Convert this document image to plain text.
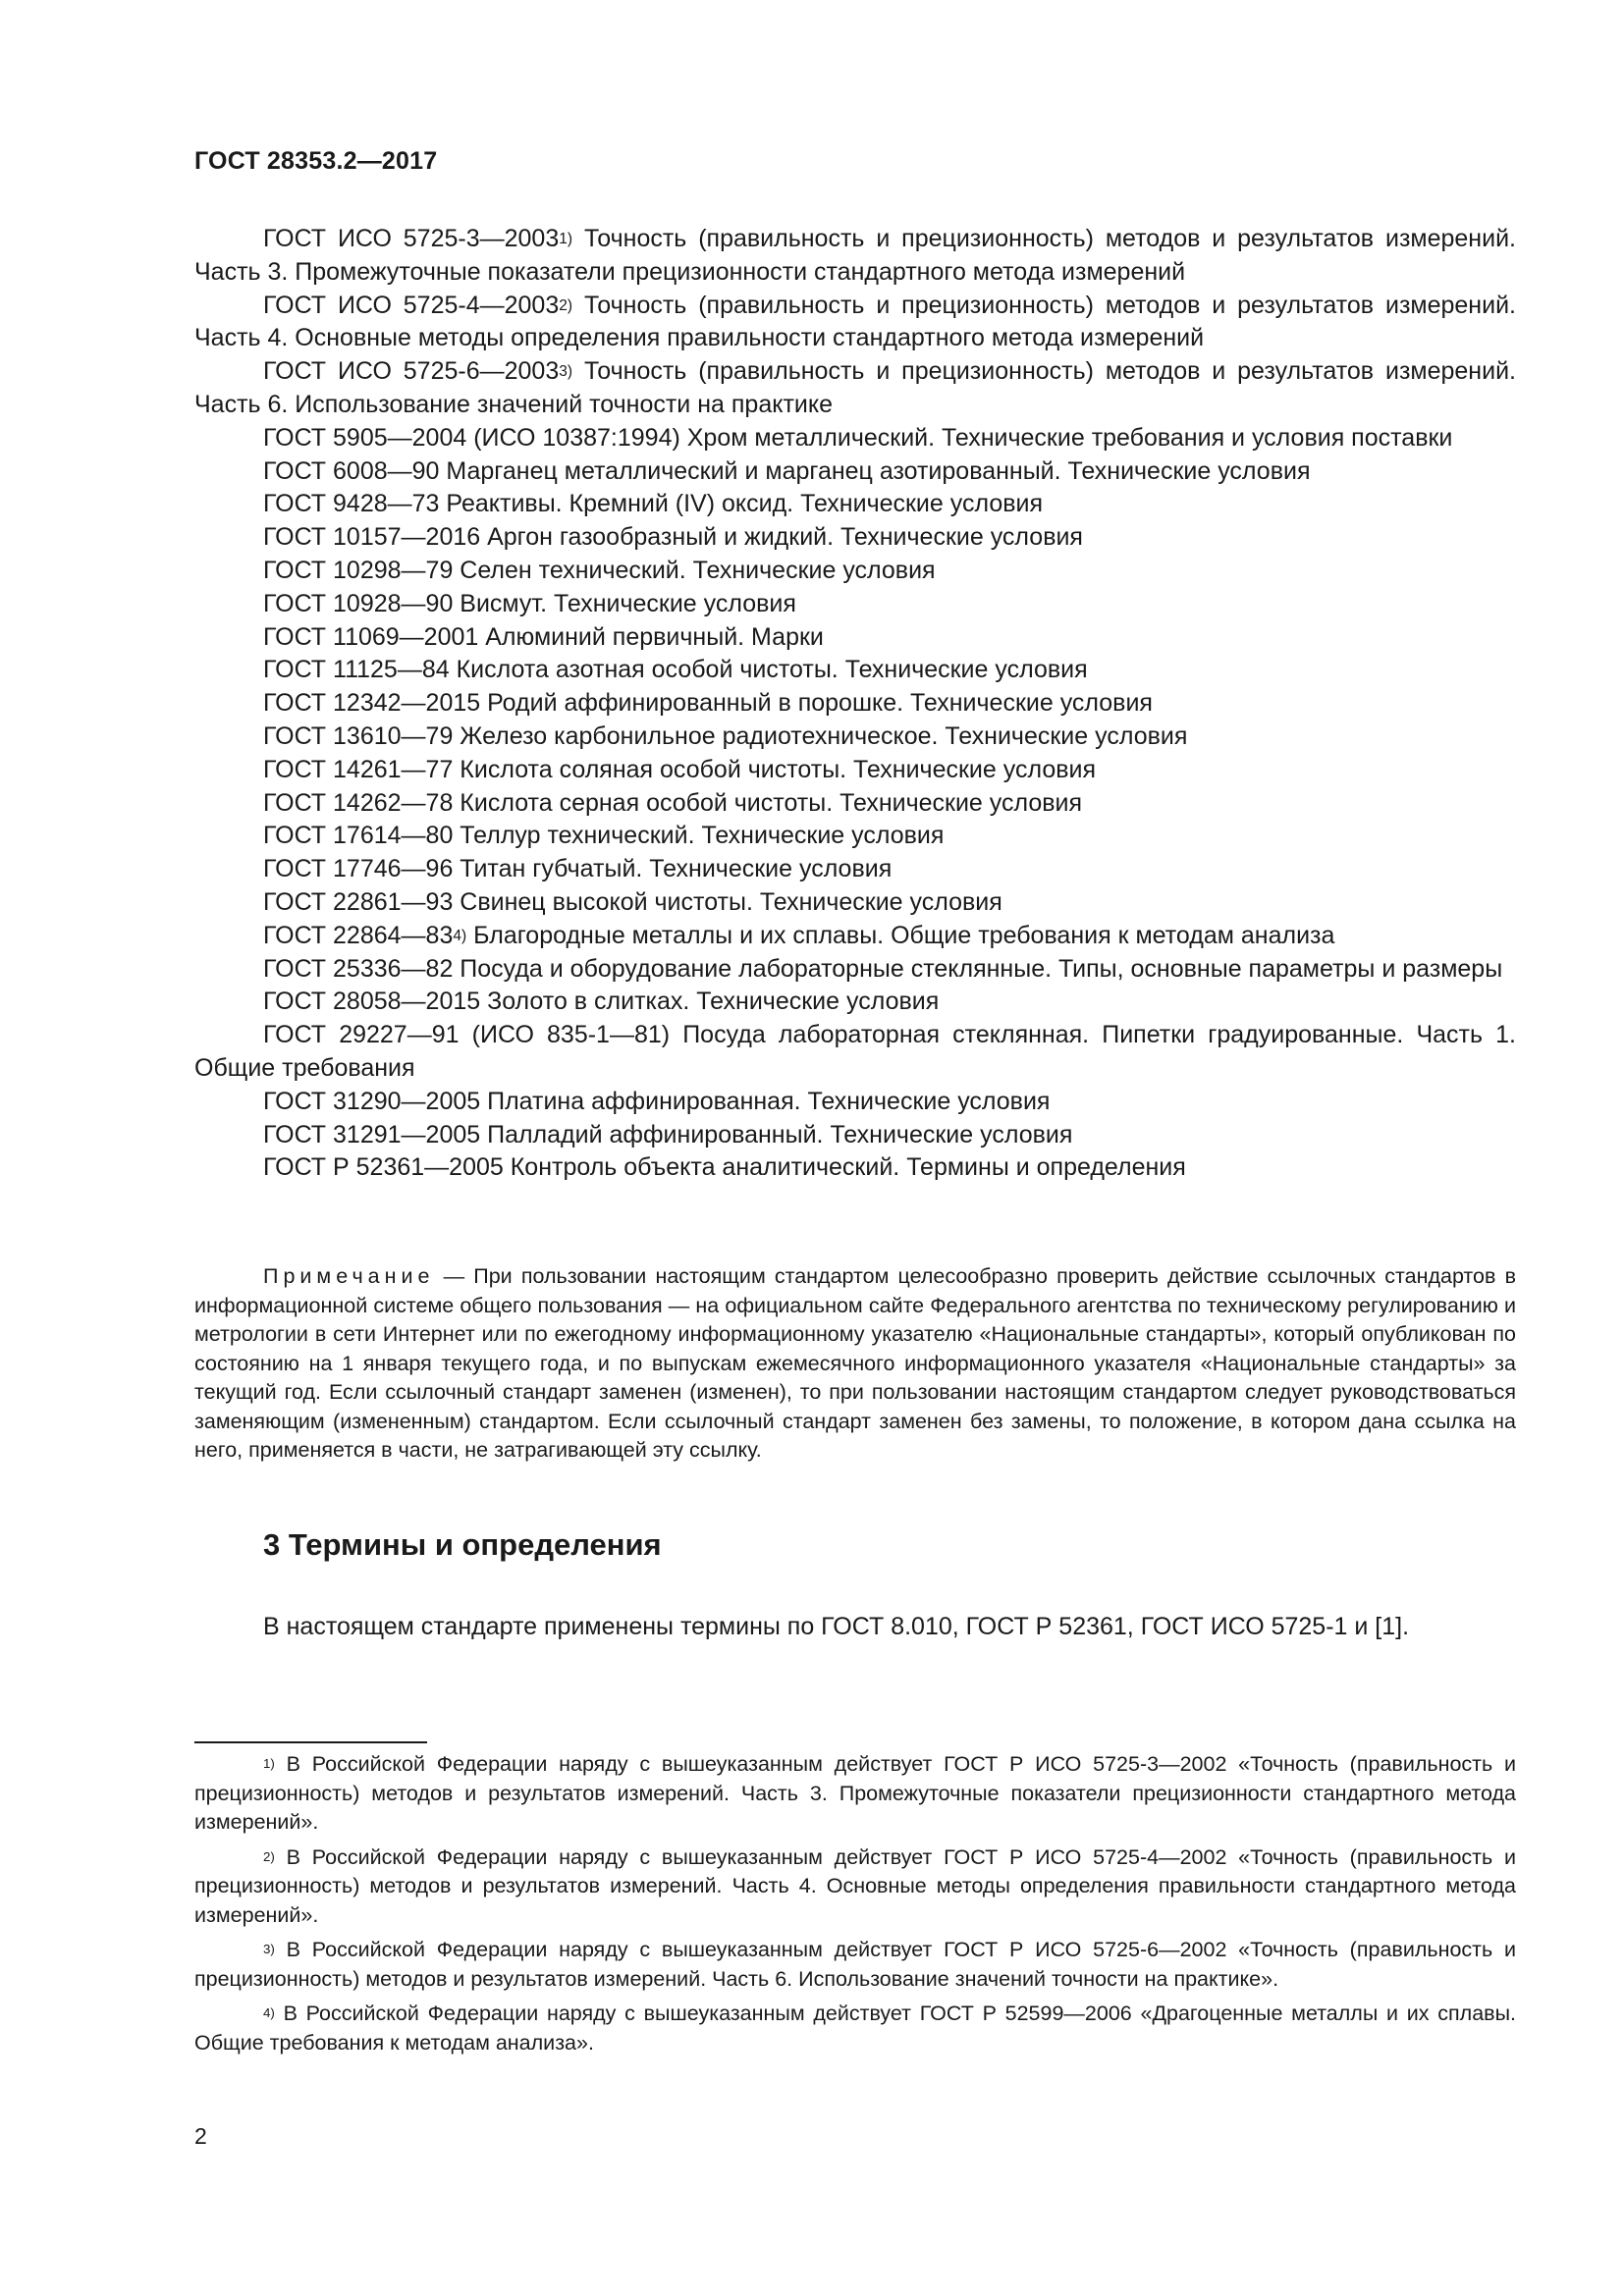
ГОСТ 28353.2—2017

ГОСТ ИСО 5725-3—2003$^{1)}$ Точность (правильность и прецизионность) методов и результатов измерений. Часть 3. Промежуточные показатели прецизионности стандартного метода измерений

ГОСТ ИСО 5725-4—2003$^{2)}$ Точность (правильность и прецизионность) методов и результатов измерений. Часть 4. Основные методы определения правильности стандартного метода измерений

ГОСТ ИСО 5725-6—2003$^{3)}$ Точность (правильность и прецизионность) методов и результатов измерений. Часть 6. Использование значений точности на практике

ГОСТ 5905—2004 (ИСО 10387:1994) Хром металлический. Технические требования и условия поставки

ГОСТ 6008—90 Марганец металлический и марганец азотированный. Технические условия

ГОСТ 9428—73 Реактивы. Кремний (IV) оксид. Технические условия

ГОСТ 10157—2016 Аргон газообразный и жидкий. Технические условия

ГОСТ 10298—79 Селен технический. Технические условия

ГОСТ 10928—90 Висмут. Технические условия

ГОСТ 11069—2001 Алюминий первичный. Марки

ГОСТ 11125—84 Кислота азотная особой чистоты. Технические условия

ГОСТ 12342—2015 Родий аффинированный в порошке. Технические условия

ГОСТ 13610—79 Железо карбонильное радиотехническое. Технические условия

ГОСТ 14261—77 Кислота соляная особой чистоты. Технические условия

ГОСТ 14262—78 Кислота серная особой чистоты. Технические условия

ГОСТ 17614—80 Теллур технический. Технические условия

ГОСТ 17746—96 Титан губчатый. Технические условия

ГОСТ 22861—93 Свинец высокой чистоты. Технические условия

ГОСТ 22864—83$^{4)}$ Благородные металлы и их сплавы. Общие требования к методам анализа

ГОСТ 25336—82 Посуда и оборудование лабораторные стеклянные. Типы, основные параметры и размеры

ГОСТ 28058—2015 Золото в слитках. Технические условия

ГОСТ 29227—91 (ИСО 835-1—81) Посуда лабораторная стеклянная. Пипетки градуированные. Часть 1. Общие требования

ГОСТ 31290—2005 Платина аффинированная. Технические условия

ГОСТ 31291—2005 Палладий аффинированный. Технические условия

ГОСТ Р 52361—2005 Контроль объекта аналитический. Термины и определения

Примечание — При пользовании настоящим стандартом целесообразно проверить действие ссылочных стандартов в информационной системе общего пользования — на официальном сайте Федерального агентства по техническому регулированию и метрологии в сети Интернет или по ежегодному информационному указателю «Национальные стандарты», который опубликован по состоянию на 1 января текущего года, и по выпускам ежемесячного информационного указателя «Национальные стандарты» за текущий год. Если ссылочный стандарт заменен (изменен), то при пользовании настоящим стандартом следует руководствоваться заменяющим (измененным) стандартом. Если ссылочный стандарт заменен без замены, то положение, в котором дана ссылка на него, применяется в части, не затрагивающей эту ссылку.

3 Термины и определения

В настоящем стандарте применены термины по ГОСТ 8.010, ГОСТ Р 52361, ГОСТ ИСО 5725-1 и [1].

$^{1)}$ В Российской Федерации наряду с вышеуказанным действует ГОСТ Р ИСО 5725-3—2002 «Точность (правильность и прецизионность) методов и результатов измерений. Часть 3. Промежуточные показатели прецизионности стандартного метода измерений».

$^{2)}$ В Российской Федерации наряду с вышеуказанным действует ГОСТ Р ИСО 5725-4—2002 «Точность (правильность и прецизионность) методов и результатов измерений. Часть 4. Основные методы определения правильности стандартного метода измерений».

$^{3)}$ В Российской Федерации наряду с вышеуказанным действует ГОСТ Р ИСО 5725-6—2002 «Точность (правильность и прецизионность) методов и результатов измерений. Часть 6. Использование значений точности на практике».

$^{4)}$ В Российской Федерации наряду с вышеуказанным действует ГОСТ Р 52599—2006 «Драгоценные металлы и их сплавы. Общие требования к методам анализа».

2
